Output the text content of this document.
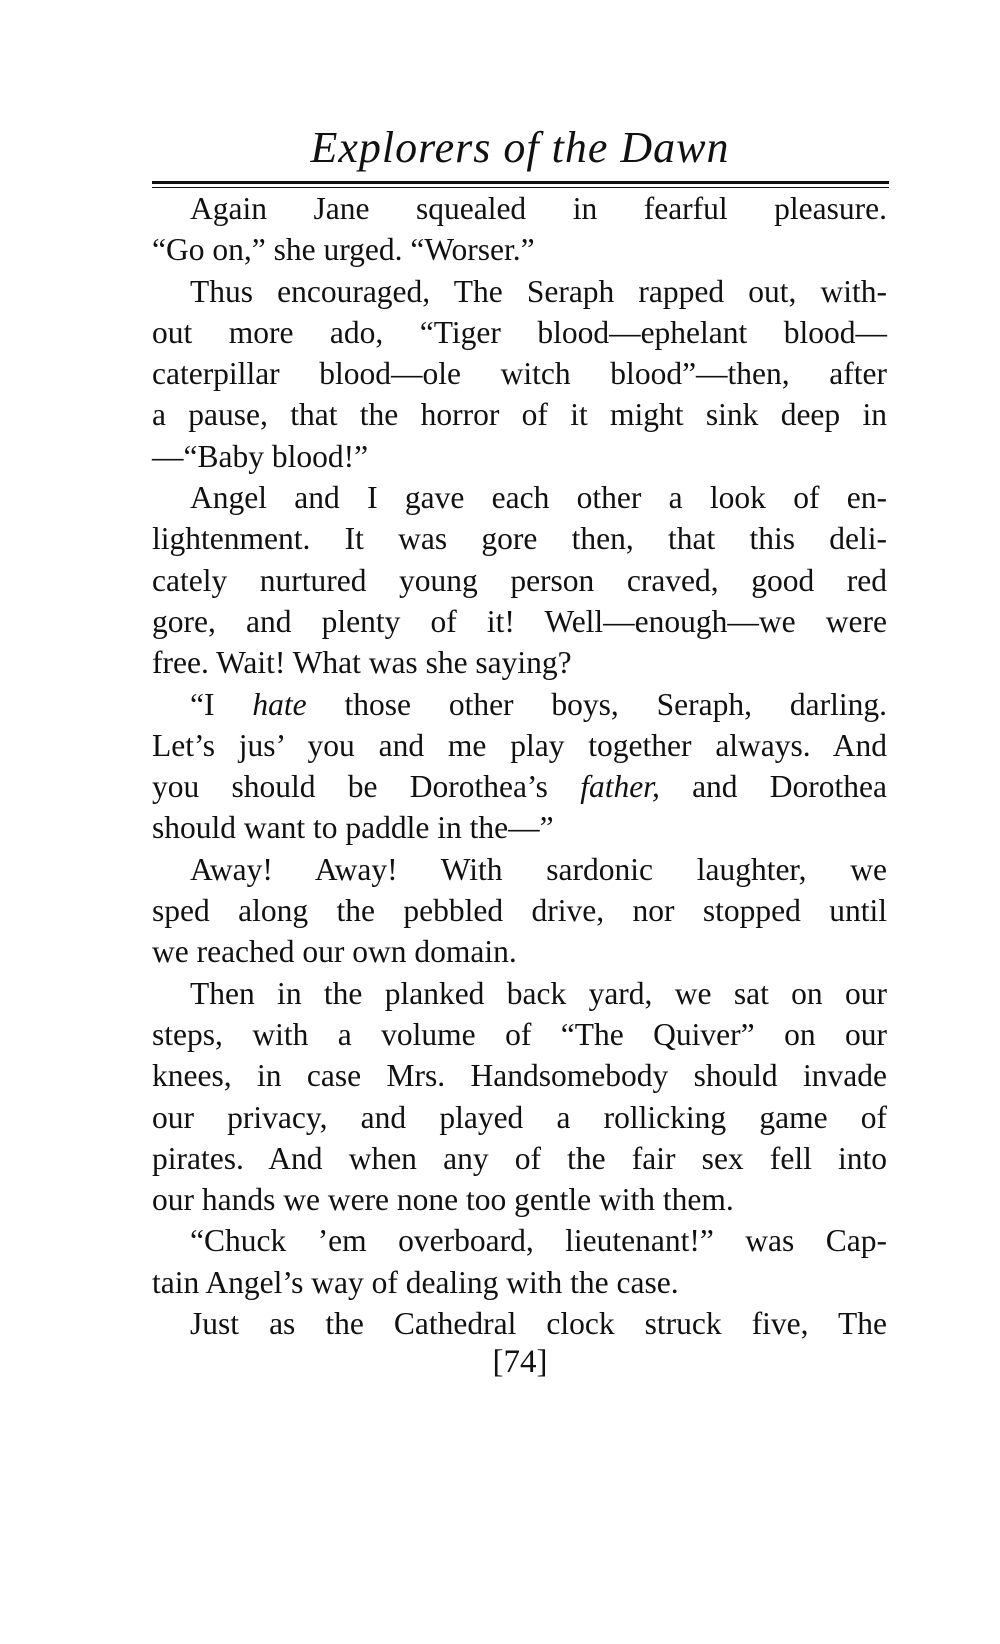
Explorers of the Dawn
Again Jane squealed in fearful pleasure.
“Go on,” she urged. “Worser.”
Thus encouraged, The Seraph rapped out, with-
out more ado, “Tiger blood—ephelant blood—
caterpillar blood—ole witch blood”—then, after
a pause, that the horror of it might sink deep in
—“Baby blood!”
Angel and I gave each other a look of en-
lightenment. It was gore then, that this deli-
cately nurtured young person craved, good red
gore, and plenty of it! Well—enough—we were
free. Wait! What was she saying?
“I hate those other boys, Seraph, darling.
Let’s jus’ you and me play together always. And
you should be Dorothea’s father, and Dorothea
should want to paddle in the—”
Away! Away! With sardonic laughter, we
sped along the pebbled drive, nor stopped until
we reached our own domain.
Then in the planked back yard, we sat on our
steps, with a volume of “The Quiver” on our
knees, in case Mrs. Handsomebody should invade
our privacy, and played a rollicking game of
pirates. And when any of the fair sex fell into
our hands we were none too gentle with them.
“Chuck ’em overboard, lieutenant!” was Cap-
tain Angel’s way of dealing with the case.
Just as the Cathedral clock struck five, The
[74]
